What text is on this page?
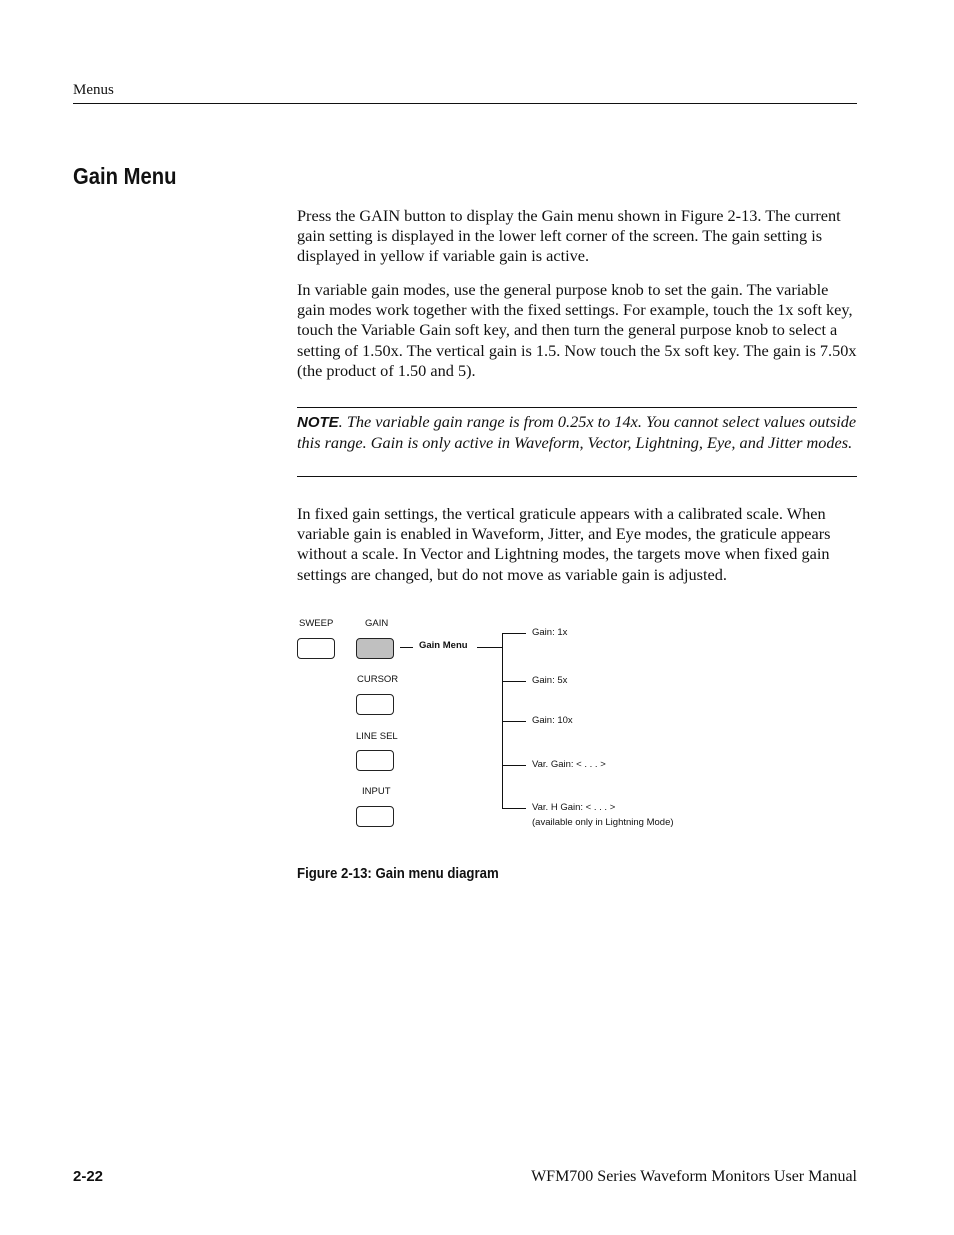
Menus
Gain Menu

Press the GAIN button to display the Gain menu shown in Figure 2-13. The current gain setting is displayed in the lower left corner of the screen. The gain setting is displayed in yellow if variable gain is active.

In variable gain modes, use the general purpose knob to set the gain. The variable gain modes work together with the fixed settings. For example, touch the 1x soft key, touch the Variable Gain soft key, and then turn the general purpose knob to select a setting of 1.50x. The vertical gain is 1.5. Now touch the 5x soft key. The gain is 7.50x (the product of 1.50 and 5).

NOTE. The variable gain range is from 0.25x to 14x. You cannot select values outside this range. Gain is only active in Waveform, Vector, Lightning, Eye, and Jitter modes.

In fixed gain settings, the vertical graticule appears with a calibrated scale. When variable gain is enabled in Waveform, Jitter, and Eye modes, the graticule appears without a scale. In Vector and Lightning modes, the targets move when fixed gain settings are changed, but do not move as variable gain is adjusted.

SWEEP	GAIN
CURSOR
LINE SEL
INPUT
Gain Menu
Gain: 1x
Gain: 5x
Gain: 10x
Var. Gain: < . . . >
Var. H Gain: < . . . >
(available only in Lightning Mode)
Figure 2-13: Gain menu diagram
2-22	WFM700 Series Waveform Monitors User Manual
